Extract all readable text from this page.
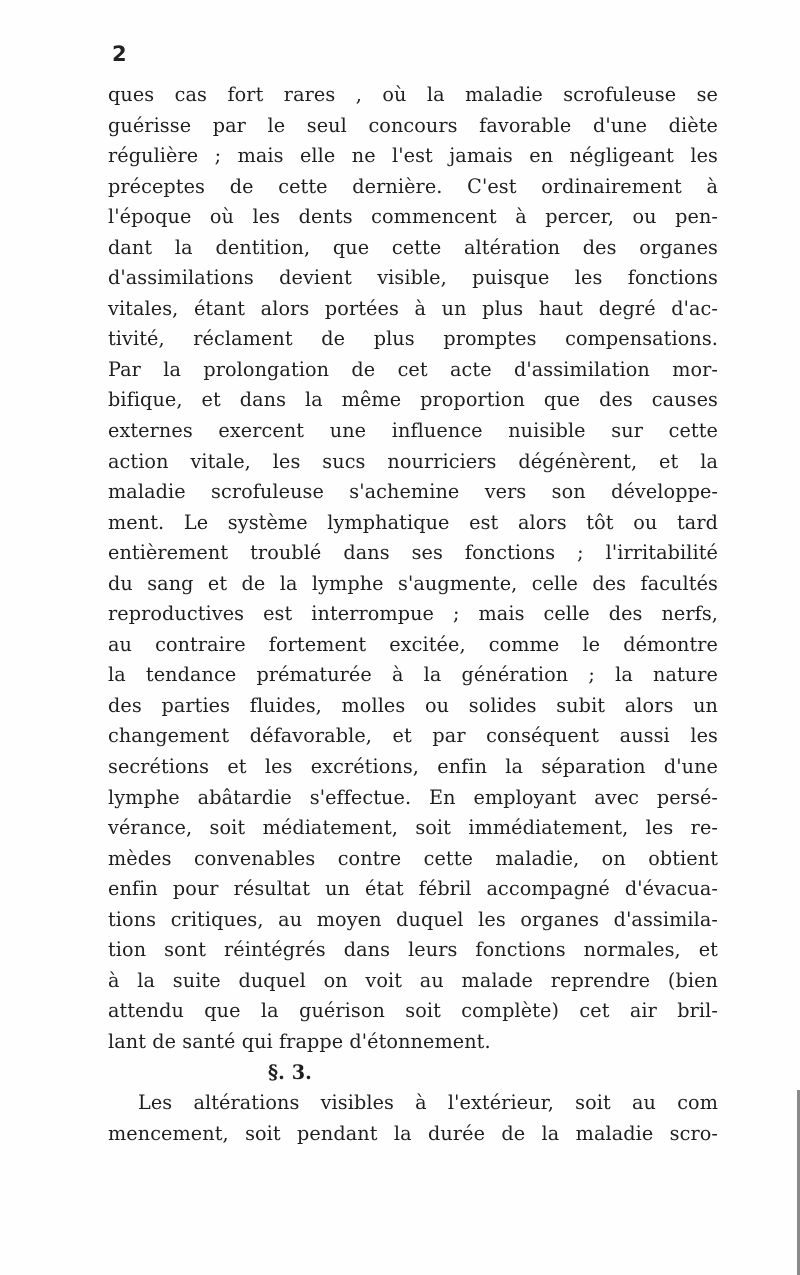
2
ques cas fort rares , où la maladie scrofuleuse se
guérisse par le seul concours favorable d'une diète
régulière ; mais elle ne l'est jamais en négligeant les
préceptes de cette dernière. C'est ordinairement à
l'époque où les dents commencent à percer, ou pen-
dant la dentition, que cette altération des organes
d'assimilations devient visible, puisque les fonctions
vitales, étant alors portées à un plus haut degré d'ac-
tivité, réclament de plus promptes compensations.
Par la prolongation de cet acte d'assimilation mor-
bifique, et dans la même proportion que des causes
externes exercent une influence nuisible sur cette
action vitale, les sucs nourriciers dégénèrent, et la
maladie scrofuleuse s'achemine vers son développe-
ment. Le système lymphatique est alors tôt ou tard
entièrement troublé dans ses fonctions ; l'irritabilité
du sang et de la lymphe s'augmente, celle des facultés
reproductives est interrompue ; mais celle des nerfs,
au contraire fortement excitée, comme le démontre
la tendance prématurée à la génération ; la nature
des parties fluides, molles ou solides subit alors un
changement défavorable, et par conséquent aussi les
secrétions et les excrétions, enfin la séparation d'une
lymphe abâtardie s'effectue. En employant avec persé-
vérance, soit médiatement, soit immédiatement, les re-
mèdes convenables contre cette maladie, on obtient
enfin pour résultat un état fébril accompagné d'évacua-
tions critiques, au moyen duquel les organes d'assimila-
tion sont réintégrés dans leurs fonctions normales, et
à la suite duquel on voit au malade reprendre (bien
attendu que la guérison soit complète) cet air bril-
lant de santé qui frappe d'étonnement.
§. 3.
Les altérations visibles à l'extérieur, soit au com
mencement, soit pendant la durée de la maladie scro-
